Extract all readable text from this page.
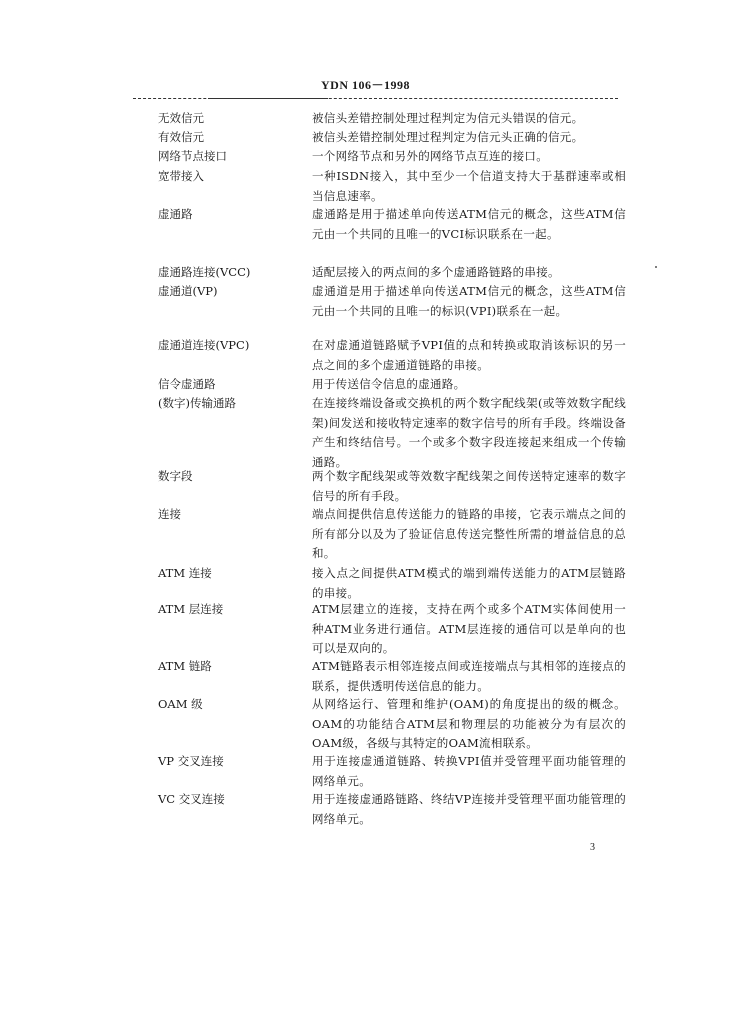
YDN 106－1998
无效信元	被信头差错控制处理过程判定为信元头错误的信元。
有效信元	被信头差错控制处理过程判定为信元头正确的信元。
网络节点接口	一个网络节点和另外的网络节点互连的接口。
宽带接入	一种ISDN接入，其中至少一个信道支持大于基群速率或相当信息速率。
虚通路	虚通路是用于描述单向传送ATM信元的概念，这些ATM信元由一个共同的且唯一的VCI标识联系在一起。
虚通路连接(VCC)	适配层接入的两点间的多个虚通路链路的串接。
虚通道(VP)	虚通道是用于描述单向传送ATM信元的概念，这些ATM信元由一个共同的且唯一的标识(VPI)联系在一起。
虚通道连接(VPC)	在对虚通道链路赋予VPI值的点和转换或取消该标识的另一点之间的多个虚通道链路的串接。
信令虚通路	用于传送信令信息的虚通路。
(数字)传输通路	在连接终端设备或交换机的两个数字配线架(或等效数字配线架)间发送和接收特定速率的数字信号的所有手段。终端设备产生和终结信号。一个或多个数字段连接起来组成一个传输通路。
数字段	两个数字配线架或等效数字配线架之间传送特定速率的数字信号的所有手段。
连接	端点间提供信息传送能力的链路的串接，它表示端点之间的所有部分以及为了验证信息传送完整性所需的增益信息的总和。
ATM 连接	接入点之间提供ATM模式的端到端传送能力的ATM层链路的串接。
ATM 层连接	ATM层建立的连接，支持在两个或多个ATM实体间使用一种ATM业务进行通信。ATM层连接的通信可以是单向的也可以是双向的。
ATM 链路	ATM链路表示相邻连接点间或连接端点与其相邻的连接点的联系，提供透明传送信息的能力。
OAM 级	从网络运行、管理和维护(OAM)的角度提出的级的概念。OAM的功能结合ATM层和物理层的功能被分为有层次的OAM级，各级与其特定的OAM流相联系。
VP 交叉连接	用于连接虚通道链路、转换VPI值并受管理平面功能管理的网络单元。
VC 交叉连接	用于连接虚通路链路、终结VP连接并受管理平面功能管理的网络单元。
3
